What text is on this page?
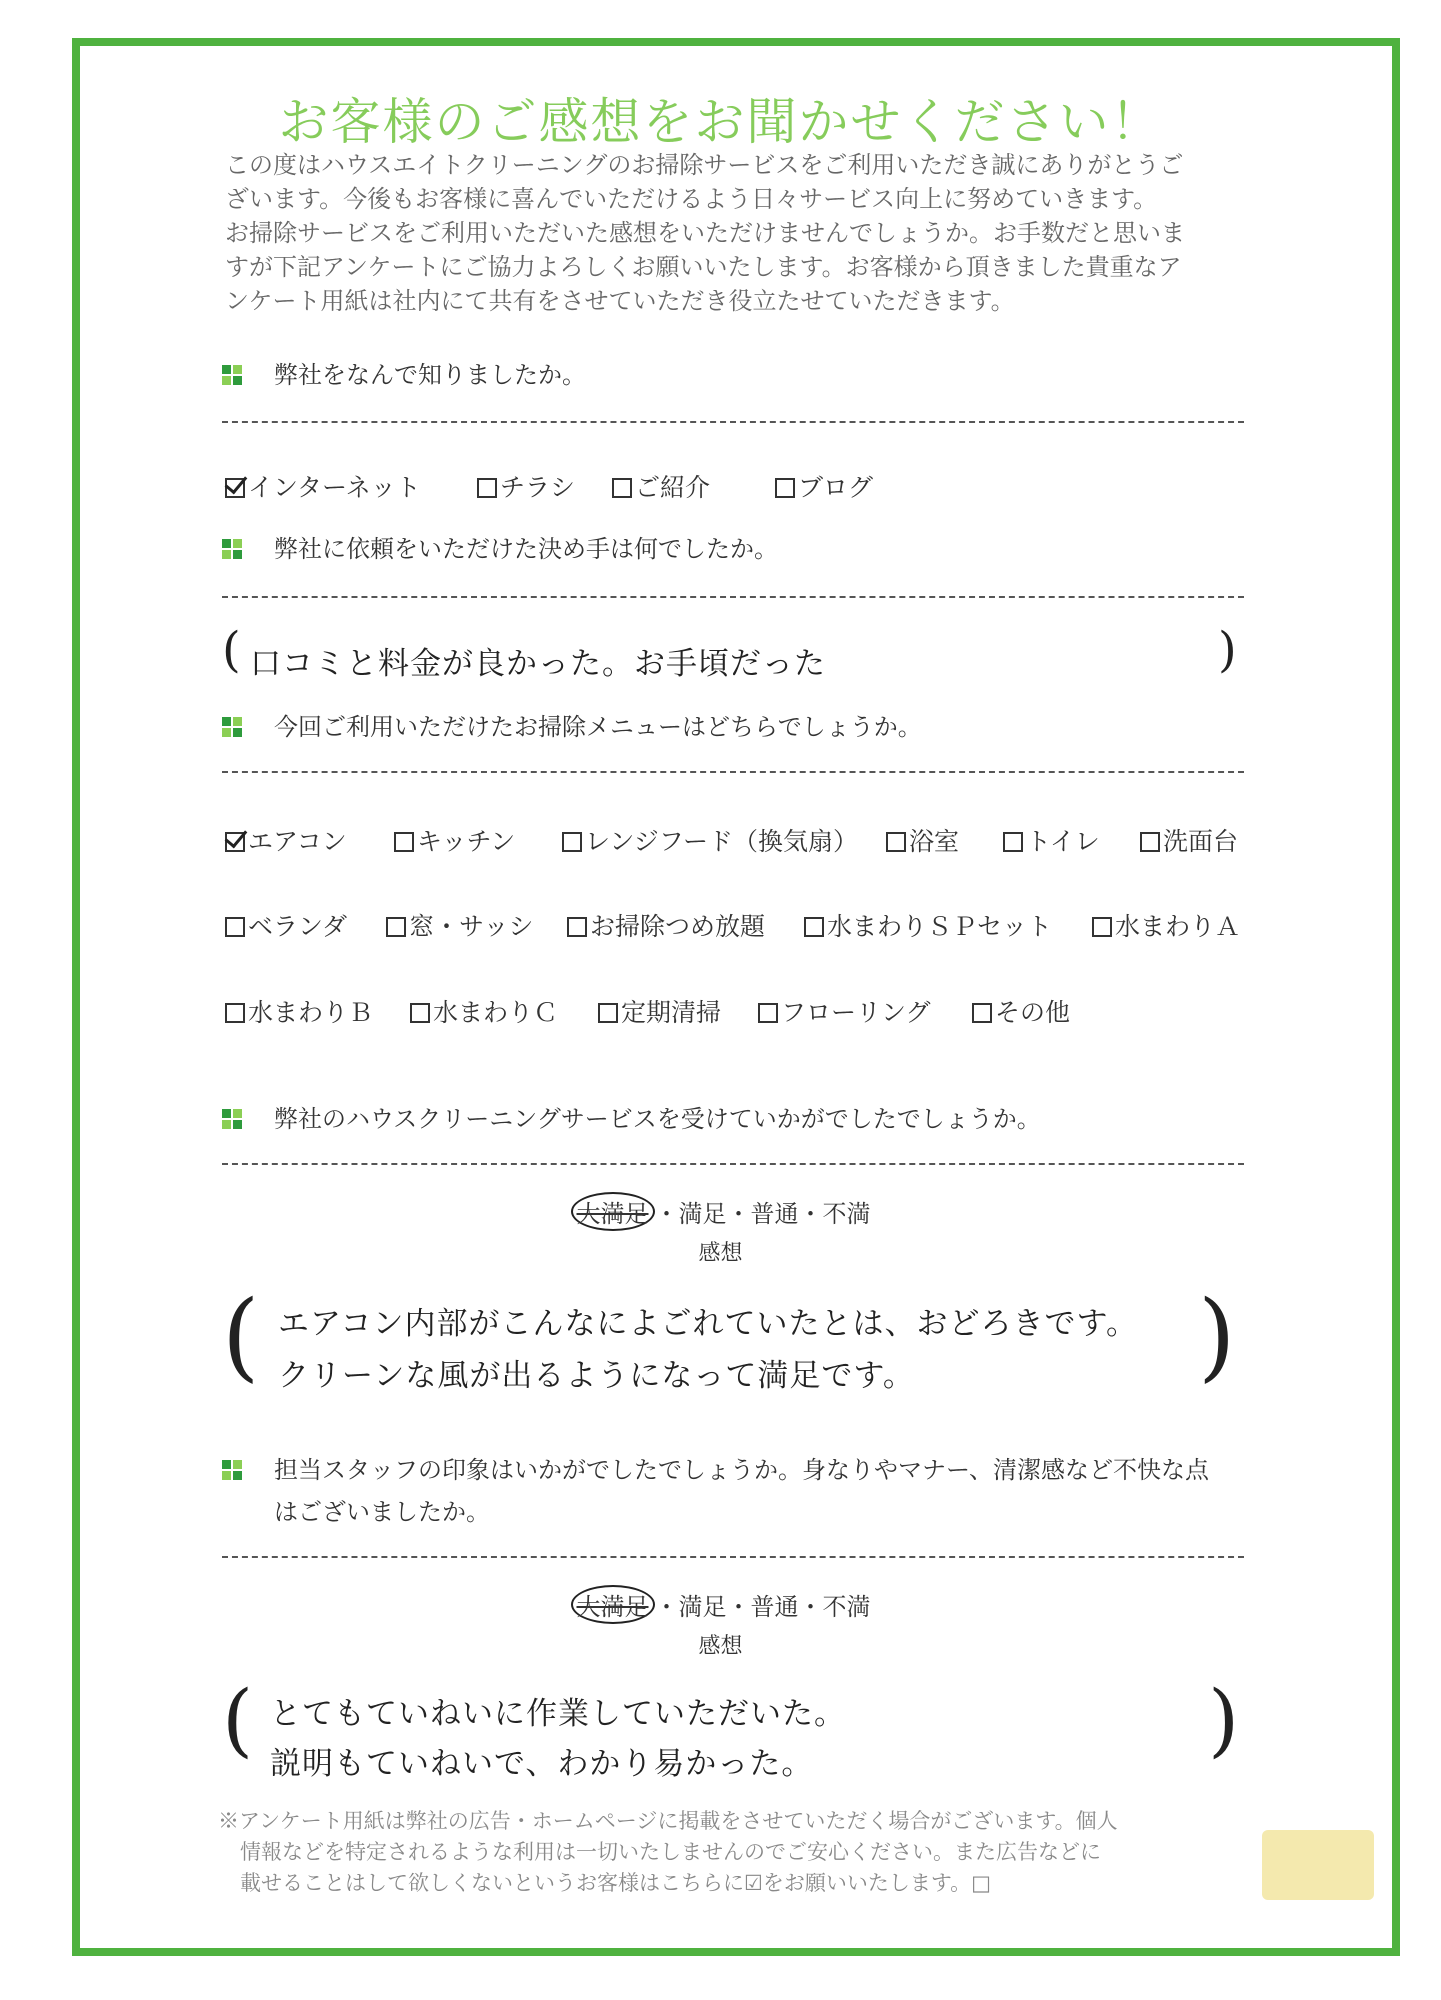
お客様のご感想をお聞かせください！
この度はハウスエイトクリーニングのお掃除サービスをご利用いただき誠にありがとうご
ざいます。今後もお客様に喜んでいただけるよう日々サービス向上に努めていきます。
お掃除サービスをご利用いただいた感想をいただけませんでしょうか。お手数だと思いま
すが下記アンケートにご協力よろしくお願いいたします。お客様から頂きました貴重なア
ンケート用紙は社内にて共有をさせていただき役立たせていただきます。
弊社をなんで知りましたか。
インターネット	チラシ	ご紹介	ブログ
弊社に依頼をいただけた決め手は何でしたか。
( 口コミと料金が良かった。お手頃だった	)
今回ご利用いただけたお掃除メニューはどちらでしょうか。
エアコン	キッチン	レンジフード（換気扇）	浴室	トイレ	洗面台
ベランダ	窓・サッシ	お掃除つめ放題	水まわりＳＰセット	水まわりＡ
水まわりＢ	水まわりＣ	定期清掃	フローリング	その他
弊社のハウスクリーニングサービスを受けていかがでしたでしょうか。
大満足 ・満足・普通・不満
感想
( エアコン内部がこんなによごれていたとは、おどろきです。
クリーンな風が出るようになって満足です。	)
担当スタッフの印象はいかがでしたでしょうか。身なりやマナー、清潔感など不快な点
はございましたか。
大満足 ・満足・普通・不満
感想
( とてもていねいに作業していただいた。
説明もていねいで、わかり易かった。	)
※アンケート用紙は弊社の広告・ホームページに掲載をさせていただく場合がございます。個人
情報などを特定されるような利用は一切いたしませんのでご安心ください。また広告などに
載せることはして欲しくないというお客様はこちらに☑をお願いいたします。□
